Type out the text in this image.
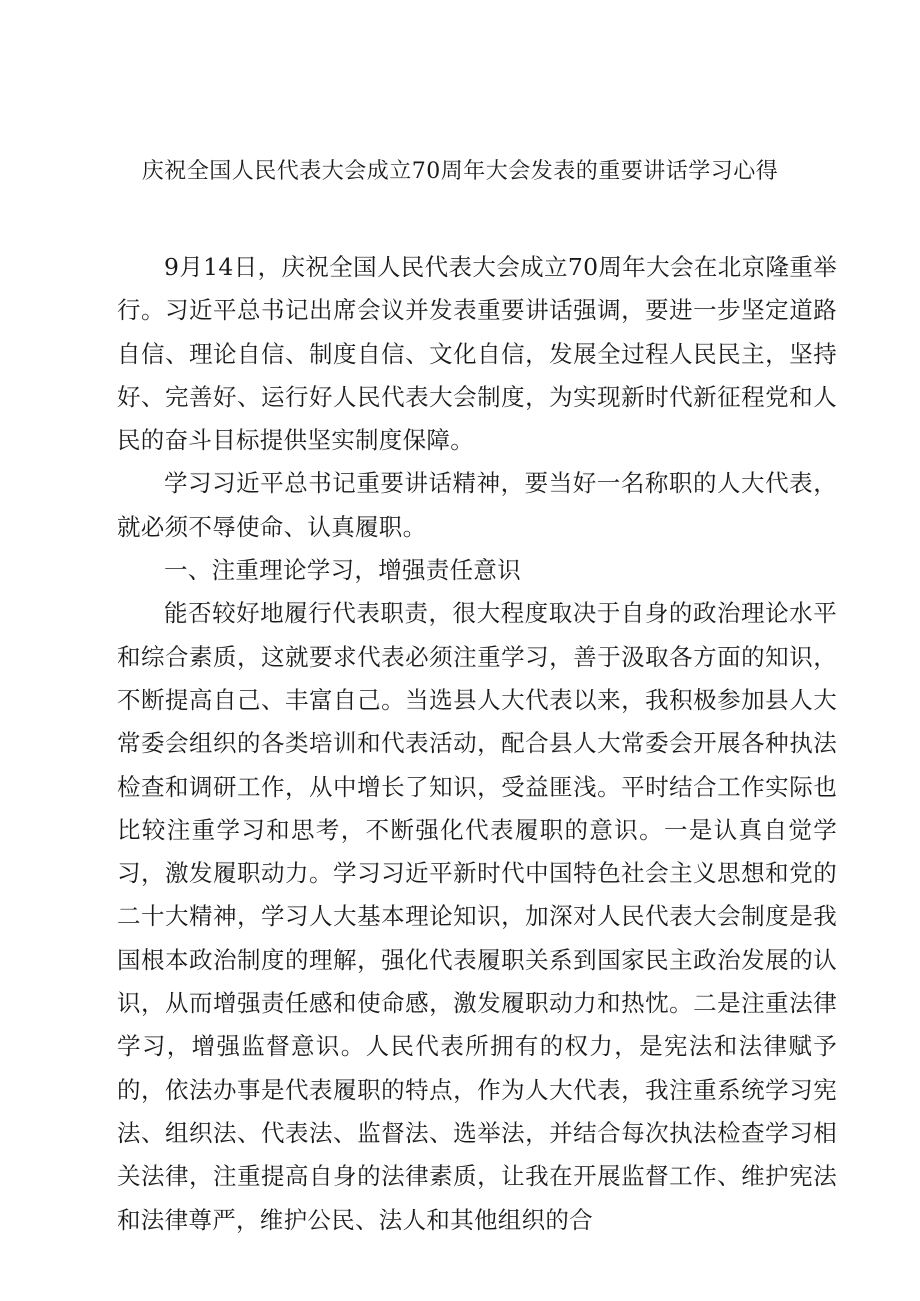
庆祝全国人民代表大会成立70周年大会发表的重要讲话学习心得

9月14日，庆祝全国人民代表大会成立70周年大会在北京隆重举行。习近平总书记出席会议并发表重要讲话强调，要进一步坚定道路自信、理论自信、制度自信、文化自信，发展全过程人民民主，坚持好、完善好、运行好人民代表大会制度，为实现新时代新征程党和人民的奋斗目标提供坚实制度保障。

学习习近平总书记重要讲话精神，要当好一名称职的人大代表，就必须不辱使命、认真履职。

一、注重理论学习，增强责任意识

能否较好地履行代表职责，很大程度取决于自身的政治理论水平和综合素质，这就要求代表必须注重学习，善于汲取各方面的知识，不断提高自己、丰富自己。当选县人大代表以来，我积极参加县人大常委会组织的各类培训和代表活动，配合县人大常委会开展各种执法检查和调研工作，从中增长了知识，受益匪浅。平时结合工作实际也比较注重学习和思考，不断强化代表履职的意识。一是认真自觉学习，激发履职动力。学习习近平新时代中国特色社会主义思想和党的二十大精神，学习人大基本理论知识，加深对人民代表大会制度是我国根本政治制度的理解，强化代表履职关系到国家民主政治发展的认识，从而增强责任感和使命感，激发履职动力和热忱。二是注重法律学习，增强监督意识。人民代表所拥有的权力，是宪法和法律赋予的，依法办事是代表履职的特点，作为人大代表，我注重系统学习宪法、组织法、代表法、监督法、选举法，并结合每次执法检查学习相关法律，注重提高自身的法律素质，让我在开展监督工作、维护宪法和法律尊严，维护公民、法人和其他组织的合
